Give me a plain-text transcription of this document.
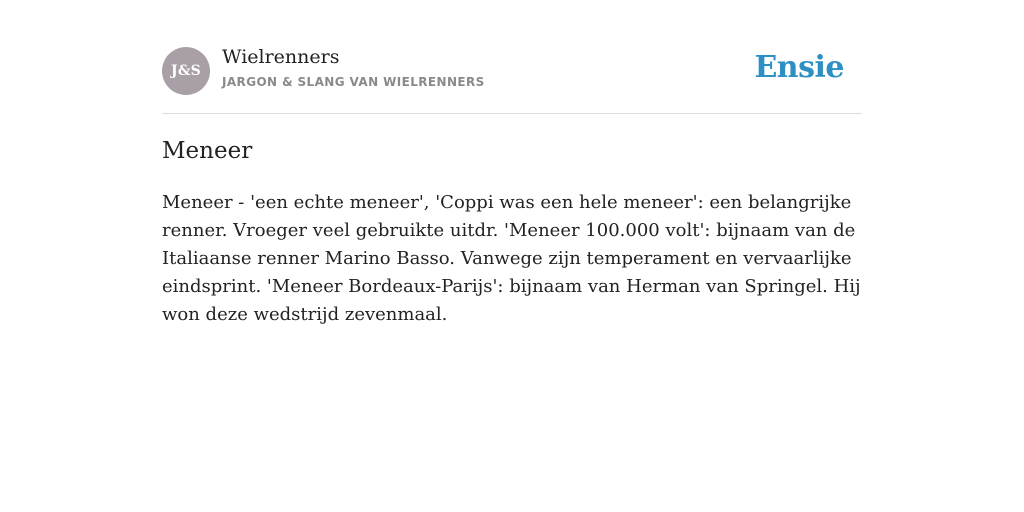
J&S
Wielrenners
JARGON & SLANG VAN WIELRENNERS	Ensie
Meneer

Meneer - 'een echte meneer', 'Coppi was een hele meneer': een belangrijke renner. Vroeger veel gebruikte uitdr. 'Meneer 100.000 volt': bijnaam van de Italiaanse renner Marino Basso. Vanwege zijn temperament en vervaarlijke eindsprint. 'Meneer Bordeaux-Parijs': bijnaam van Herman van Springel. Hij won deze wedstrijd zevenmaal.
